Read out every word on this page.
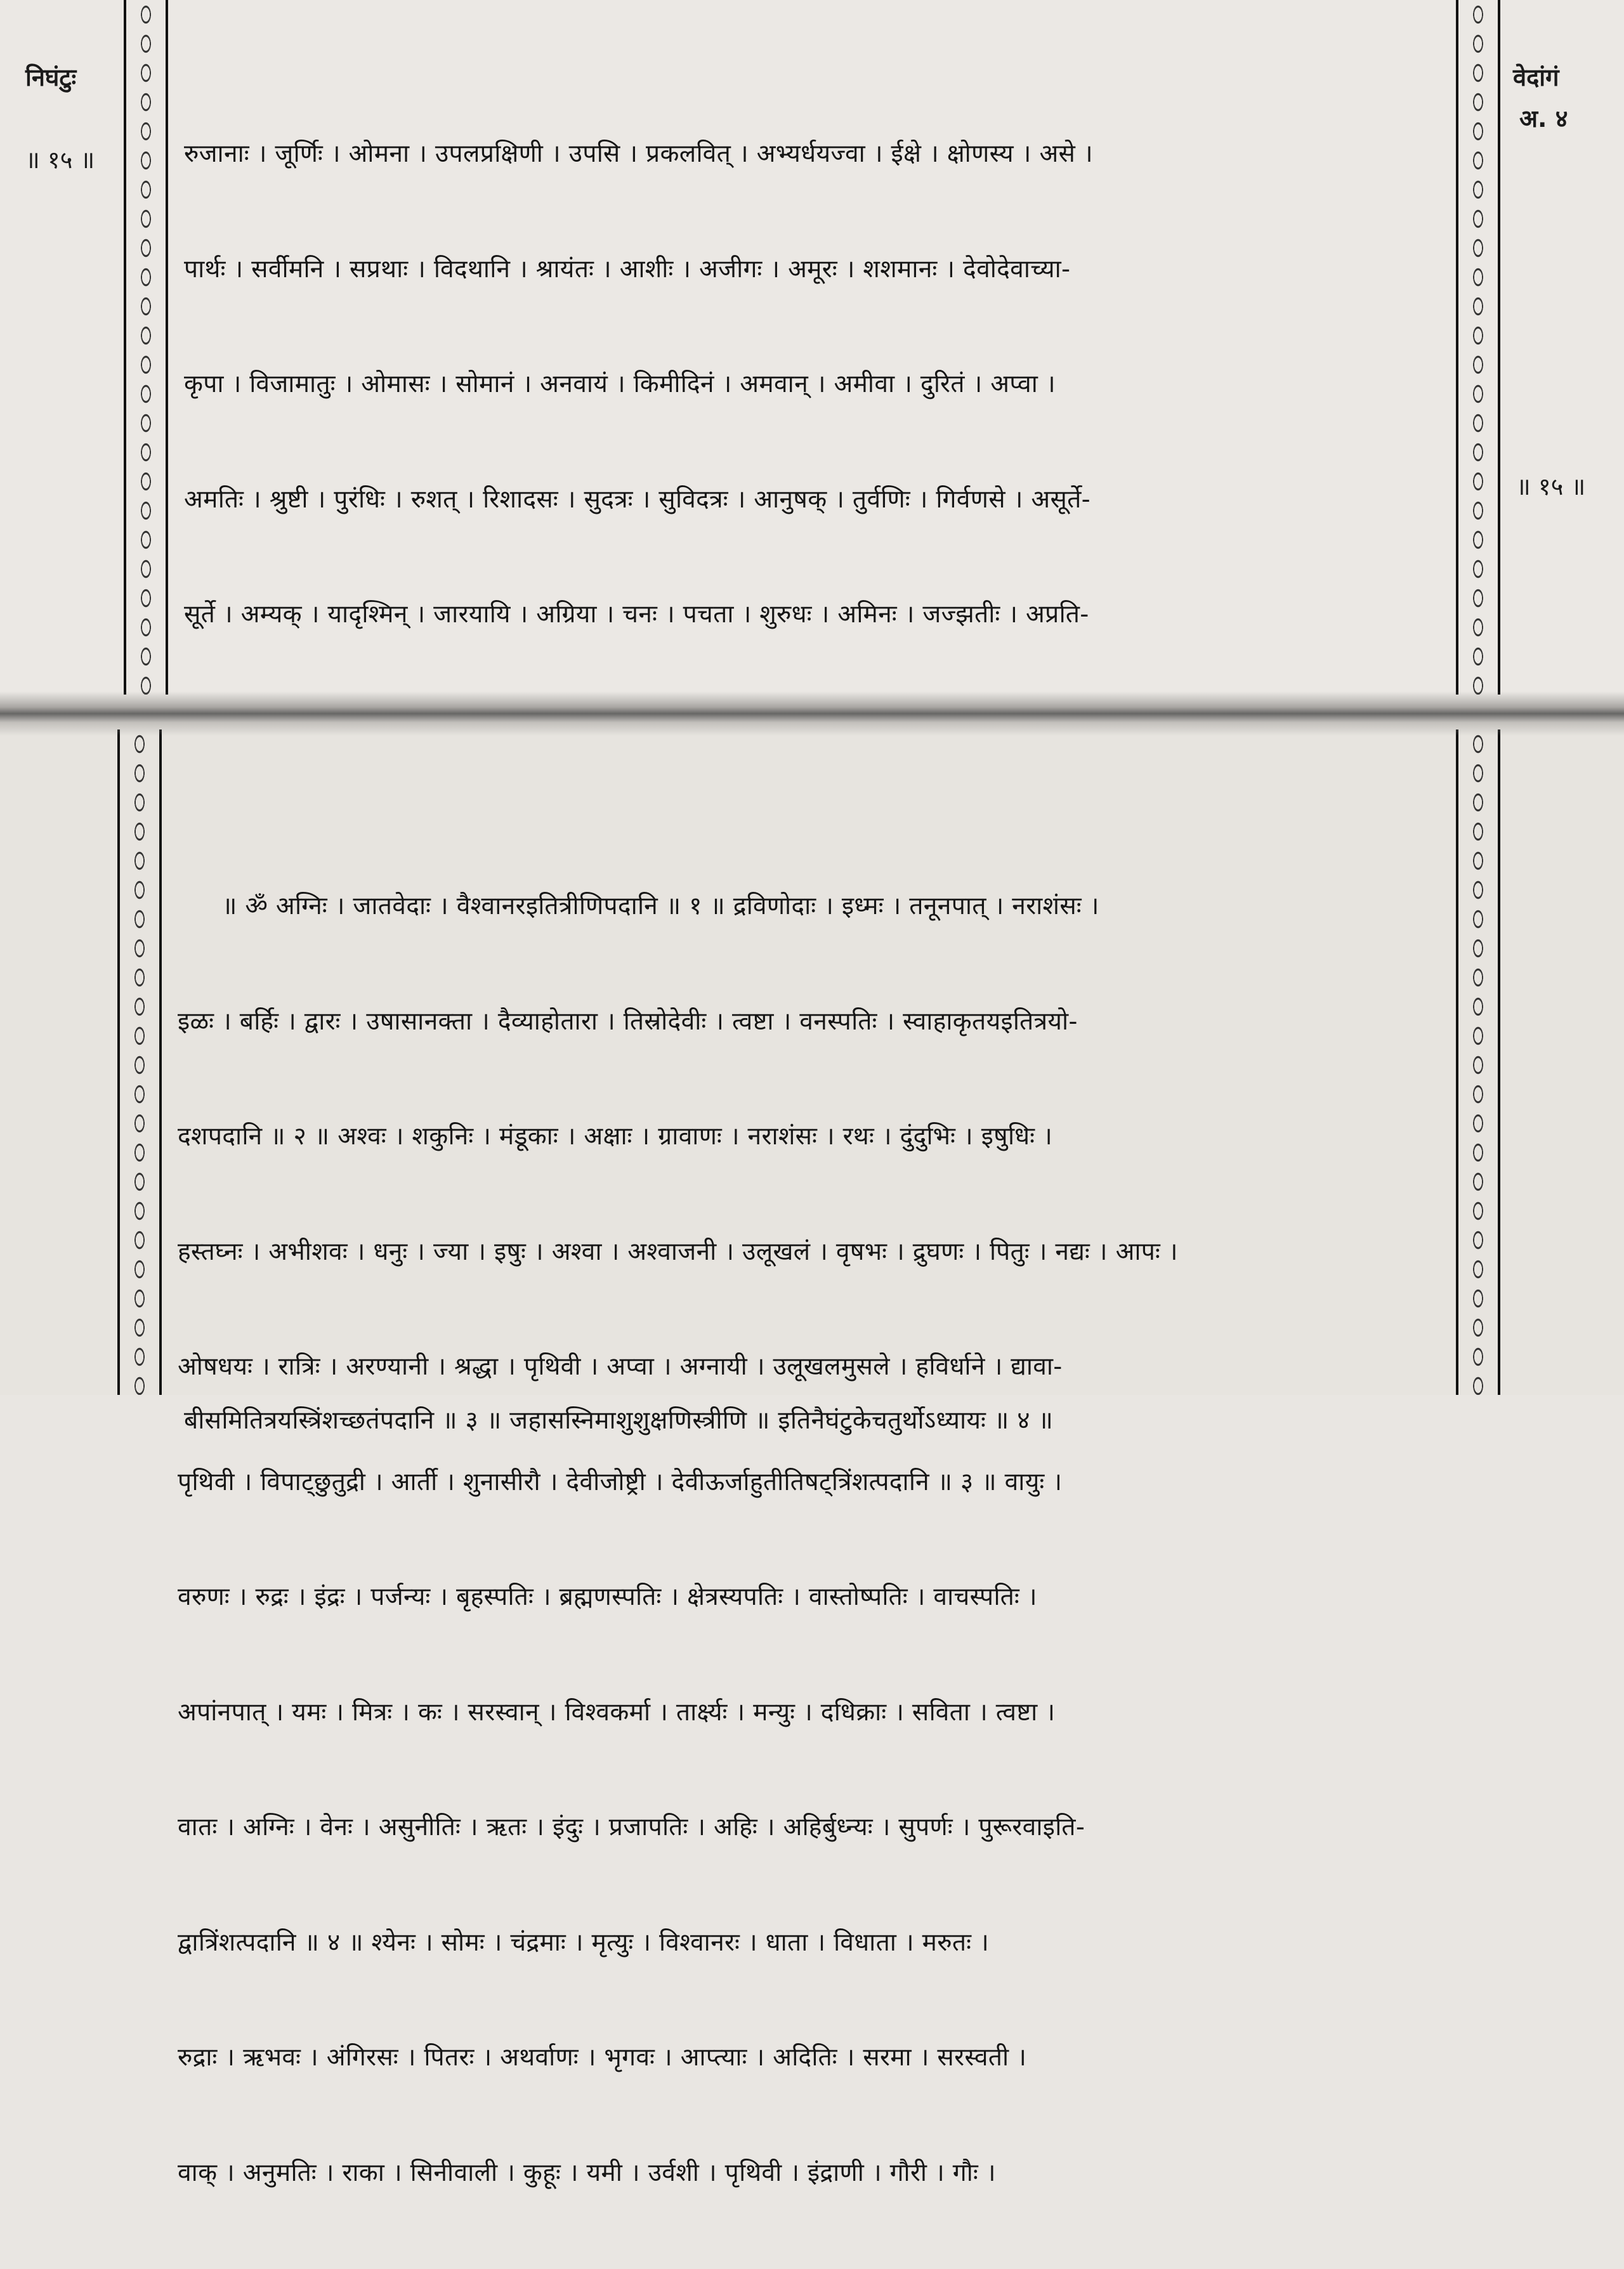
निघंटुः
॥ १५ ॥
वेदांगं
अ. ४
॥ १५ ॥

रुजानाः । जूर्णिः । ओमना । उपलप्रक्षिणी । उपसि । प्रकलवित् । अभ्यर्धयज्वा । ईक्षे । क्षोणस्य । असे ।

पार्थः । सर्वीमनि । सप्रथाः । विदथानि । श्रायंतः । आशीः । अजीगः । अमूरः । शशमानः । देवोदेवाच्या-

कृपा । विजामातुः । ओमासः । सोमानं । अनवायं । किमीदिनं । अमवान् । अमीवा । दुरितं । अप्वा ।

अमतिः । श्रुष्टी । पुरंधिः । रुशत् । रिशादसः । सुदत्रः । सुविदत्रः । आनुषक् । तुर्वणिः । गिर्वणसे । असूर्ते-

सूर्ते । अम्यक् । यादृश्मिन् । जारयायि । अग्रिया । चनः । पचता । शुरुधः । अमिनः । जज्झतीः । अप्रति-

बीसमितित्रयस्त्रिंशच्छतंपदानि ॥ ३ ॥ जहासस्निमाशुशुक्षणिस्त्रीणि ॥ इतिनैघंटुकेचतुर्थोऽध्यायः ॥ ४ ॥

॥ ॐ अग्निः । जातवेदाः । वैश्वानरइतित्रीणिपदानि ॥ १ ॥ द्रविणोदाः । इध्मः । तनूनपात् । नराशंसः ।

इळः । बर्हिः । द्वारः । उषासानक्ता । दैव्याहोतारा । तिस्रोदेवीः । त्वष्टा । वनस्पतिः । स्वाहाकृतयइतित्रयो-

दशपदानि ॥ २ ॥ अश्वः । शकुनिः । मंडूकाः । अक्षाः । ग्रावाणः । नराशंसः । रथः । दुंदुभिः । इषुधिः ।

हस्तघ्नः । अभीशवः । धनुः । ज्या । इषुः । अश्वा । अश्वाजनी । उलूखलं । वृषभः । द्रुघणः । पितुः । नद्यः । आपः ।

ओषधयः । रात्रिः । अरण्यानी । श्रद्धा । पृथिवी । अप्वा । अग्नायी । उलूखलमुसले । हविर्धाने । द्यावा-

पृथिवी । विपाट्छुतुद्री । आर्ती । शुनासीरौ । देवीजोष्ट्री । देवीऊर्जाहुतीतिषट्त्रिंशत्पदानि ॥ ३ ॥ वायुः ।

वरुणः । रुद्रः । इंद्रः । पर्जन्यः । बृहस्पतिः । ब्रह्मणस्पतिः । क्षेत्रस्यपतिः । वास्तोष्पतिः । वाचस्पतिः ।

अपांनपात् । यमः । मित्रः । कः । सरस्वान् । विश्वकर्मा । तार्क्ष्यः । मन्युः । दधिक्राः । सविता । त्वष्टा ।

वातः । अग्निः । वेनः । असुनीतिः । ऋतः । इंदुः । प्रजापतिः । अहिः । अहिर्बुध्न्यः । सुपर्णः । पुरूरवाइति-

द्वात्रिंशत्पदानि ॥ ४ ॥ श्येनः । सोमः । चंद्रमाः । मृत्युः । विश्वानरः । धाता । विधाता । मरुतः ।

रुद्राः । ऋभवः । अंगिरसः । पितरः । अथर्वाणः । भृगवः । आप्त्याः । अदितिः । सरमा । सरस्वती ।

वाक् । अनुमतिः । राका । सिनीवाली । कुहूः । यमी । उर्वशी । पृथिवी । इंद्राणी । गौरी । गौः ।
